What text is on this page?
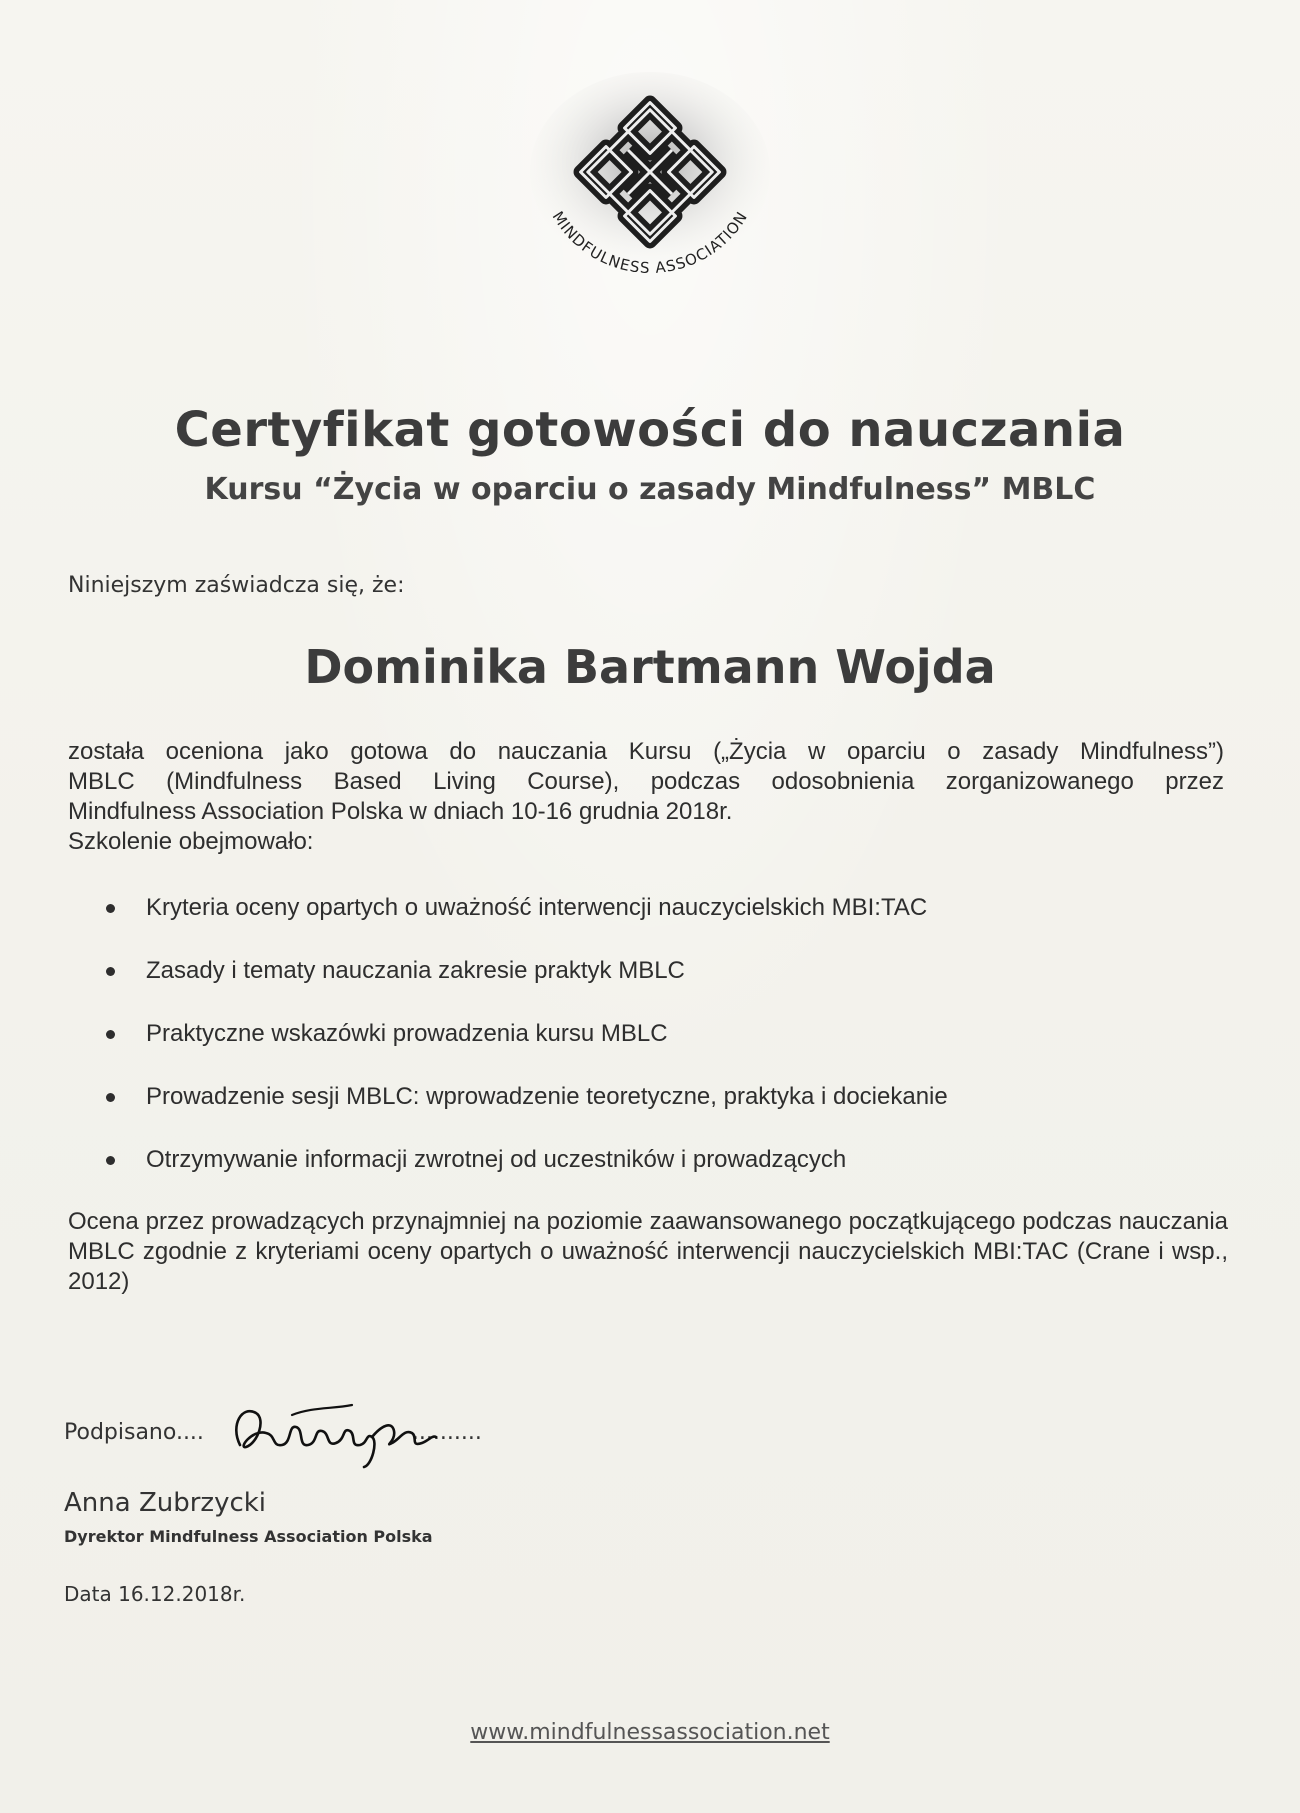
MINDFULNESS ASSOCIATION
Certyfikat gotowości do nauczania
Kursu “Życia w oparciu o zasady Mindfulness” MBLC
Niniejszym zaświadcza się, że:
Dominika Bartmann Wojda
została oceniona jako gotowa do nauczania Kursu („Życia w oparciu o zasady Mindfulness”)
MBLC (Mindfulness Based Living Course), podczas odosobnienia zorganizowanego przez
Mindfulness Association Polska w dniach 10-16 grudnia 2018r.
Szkolenie obejmowało:
Kryteria oceny opartych o uważność interwencji nauczycielskich MBI:TAC
Zasady i tematy nauczania zakresie praktyk MBLC
Praktyczne wskazówki prowadzenia kursu MBLC
Prowadzenie sesji MBLC: wprowadzenie teoretyczne, praktyka i dociekanie
Otrzymywanie informacji zwrotnej od uczestników i prowadzących
Ocena przez prowadzących przynajmniej na poziomie zaawansowanego początkującego podczas nauczania MBLC zgodnie z kryteriami oceny opartych o uważność interwencji nauczycielskich MBI:TAC (Crane i wsp., 2012)
Podpisano....	..........
Anna Zubrzycki
Dyrektor Mindfulness Association Polska
Data 16.12.2018r.
www.mindfulnessassociation.net
